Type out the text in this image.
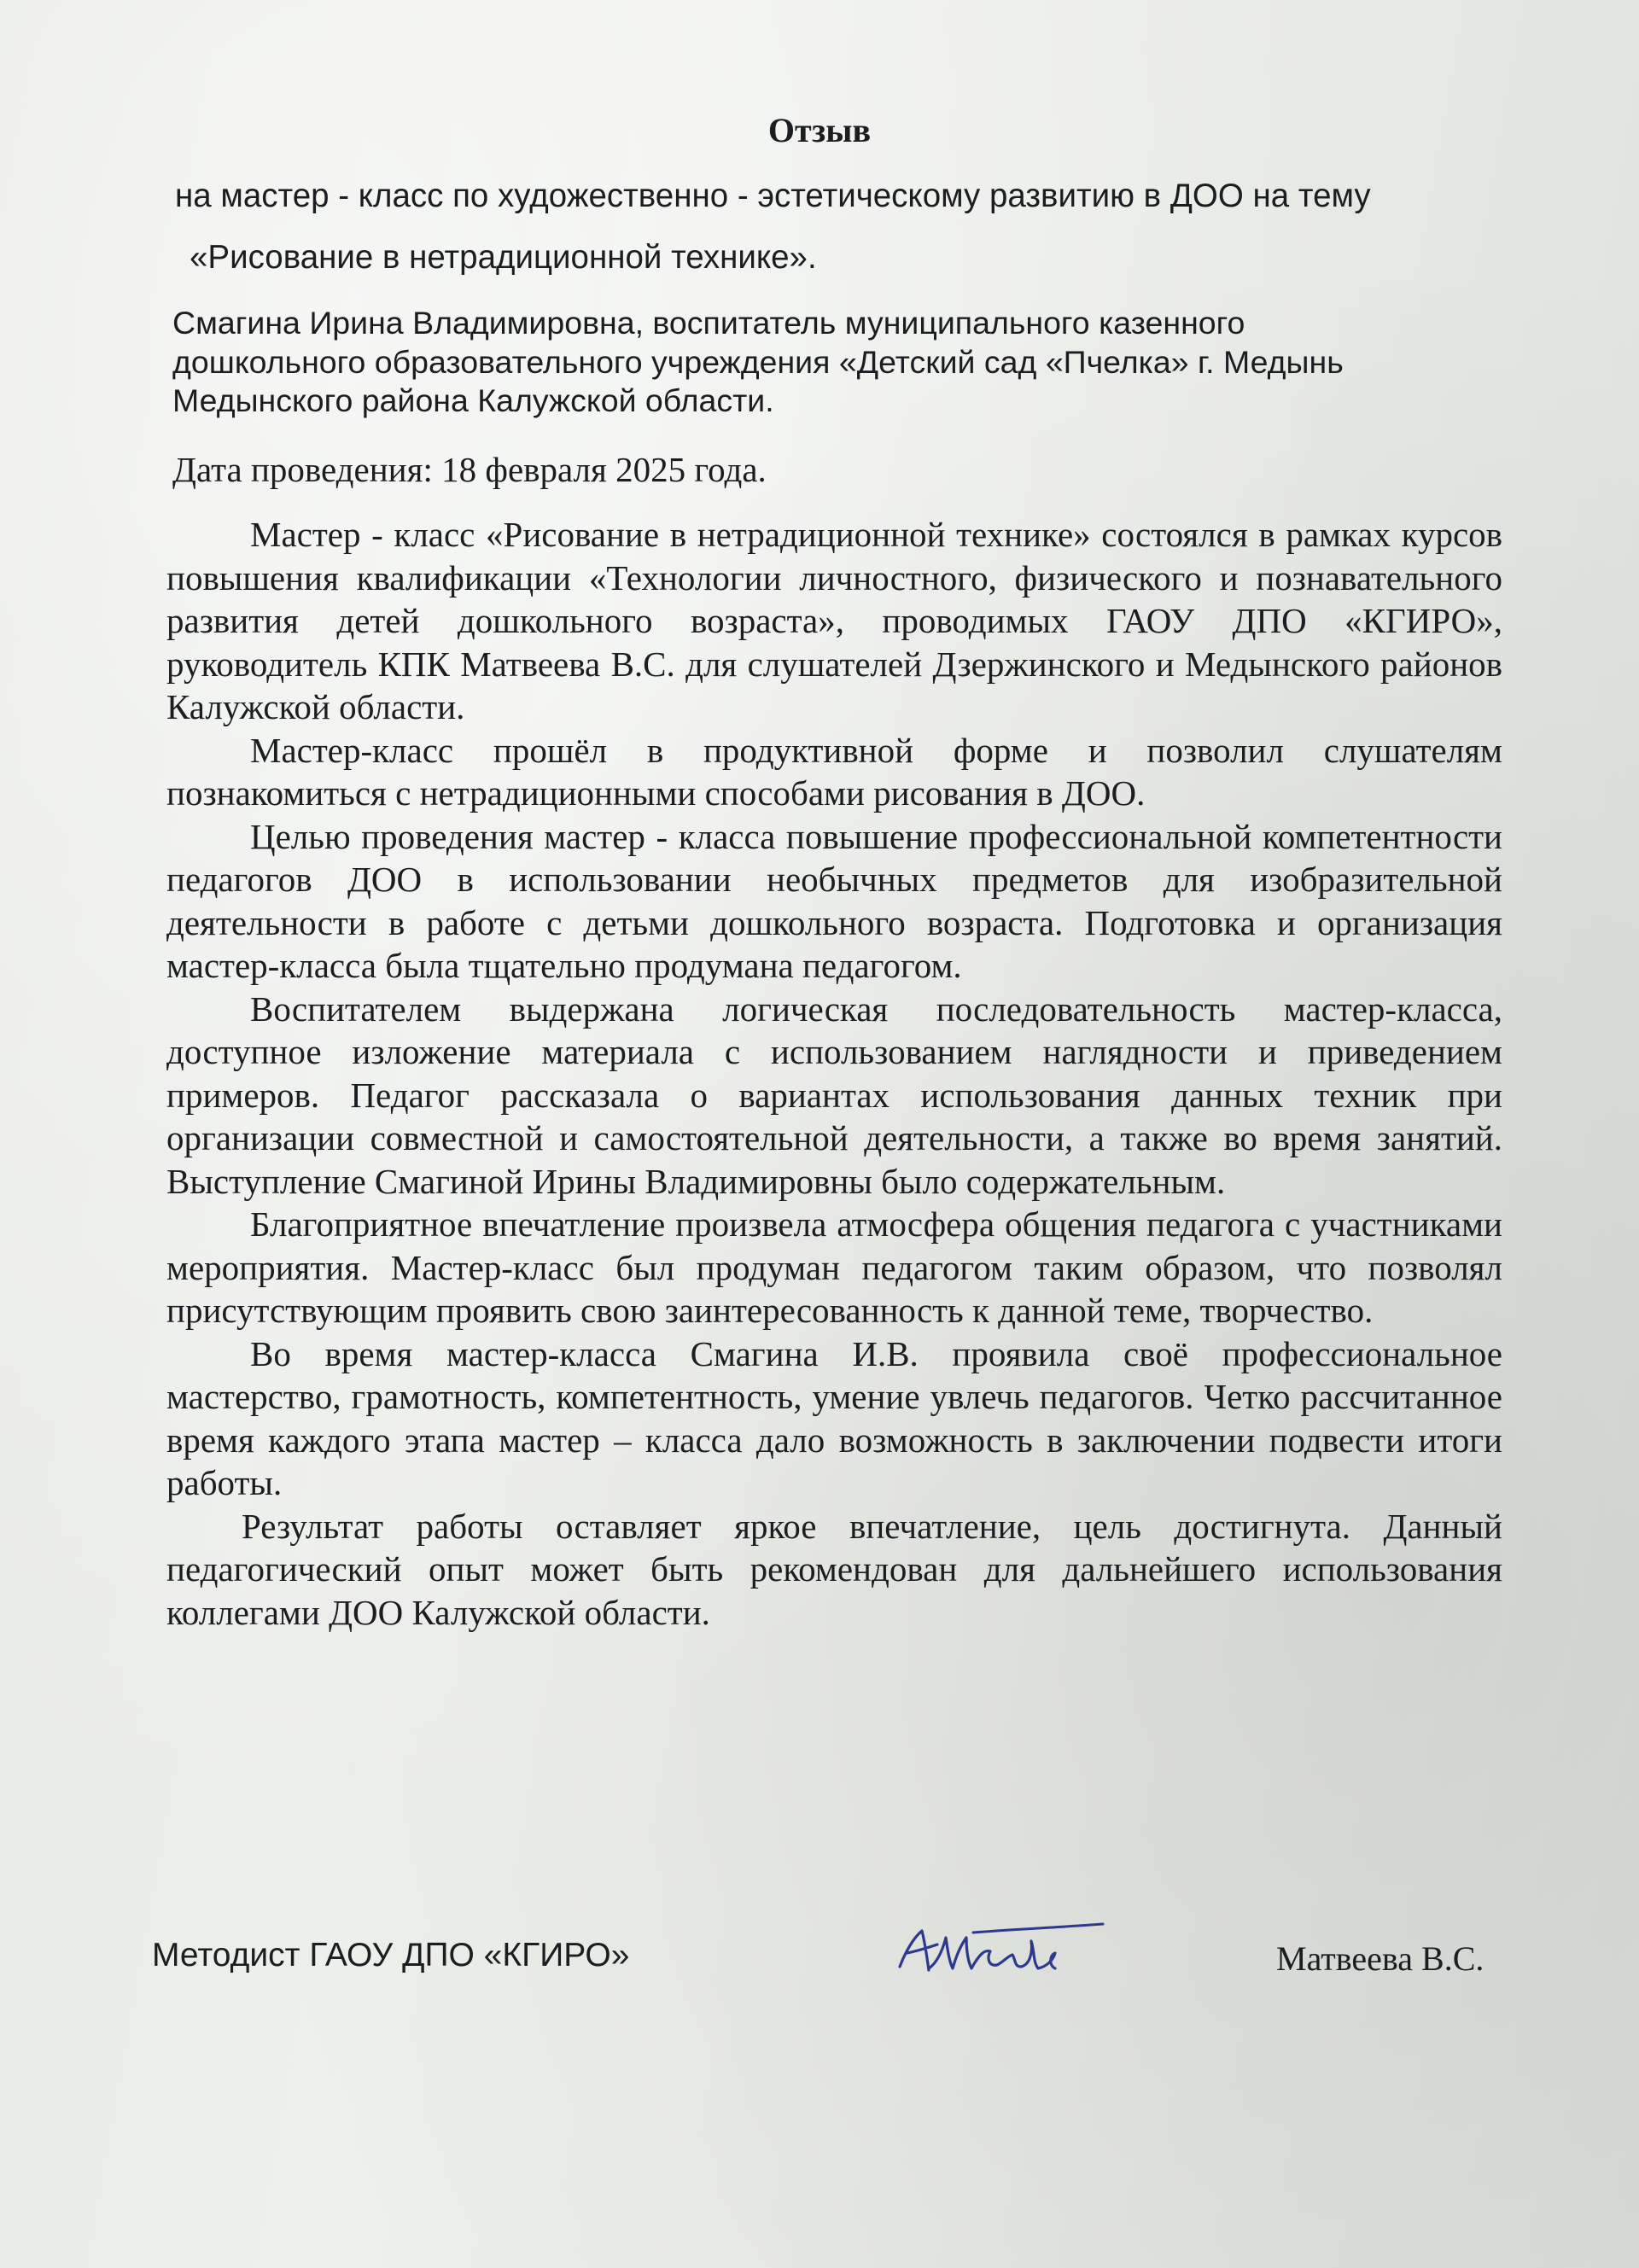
Отзыв
на мастер - класс по художественно - эстетическому развитию в ДОО на тему
«Рисование в нетрадиционной технике».
Смагина Ирина Владимировна, воспитатель муниципального казенного
дошкольного образовательного учреждения «Детский сад «Пчелка» г. Медынь
Медынского района Калужской области.
Дата проведения: 18 февраля 2025 года.

Мастер - класс «Рисование в нетрадиционной технике» состоялся в рамках курсов повышения квалификации «Технологии личностного, физического и познавательного развития детей дошкольного возраста», проводимых ГАОУ ДПО «КГИРО», руководитель КПК Матвеева В.С. для слушателей Дзержинского и Медынского районов Калужской области.

Мастер-класс прошёл в продуктивной форме и позволил слушателям познакомиться с нетрадиционными способами рисования в ДОО.

Целью проведения мастер - класса повышение профессиональной компетентности педагогов ДОО в использовании необычных предметов для изобразительной деятельности в работе с детьми дошкольного возраста. Подготовка и организация мастер-класса была тщательно продумана педагогом.

Воспитателем выдержана логическая последовательность мастер-класса, доступное изложение материала с использованием наглядности и приведением примеров. Педагог рассказала о вариантах использования данных техник при организации совместной и самостоятельной деятельности, а также во время занятий. Выступление Смагиной Ирины Владимировны было содержательным.

Благоприятное впечатление произвела атмосфера общения педагога с участниками мероприятия. Мастер-класс был продуман педагогом таким образом, что позволял присутствующим проявить свою заинтересованность к данной теме, творчество.

Во время мастер-класса Смагина И.В. проявила своё профессиональное мастерство, грамотность, компетентность, умение увлечь педагогов. Четко рассчитанное время каждого этапа мастер – класса дало возможность в заключении подвести итоги работы.

Результат работы оставляет яркое впечатление, цель достигнута. Данный педагогический опыт может быть рекомендован для дальнейшего использования коллегами ДОО Калужской области.

Методист ГАОУ ДПО «КГИРО»	Матвеева В.С.
